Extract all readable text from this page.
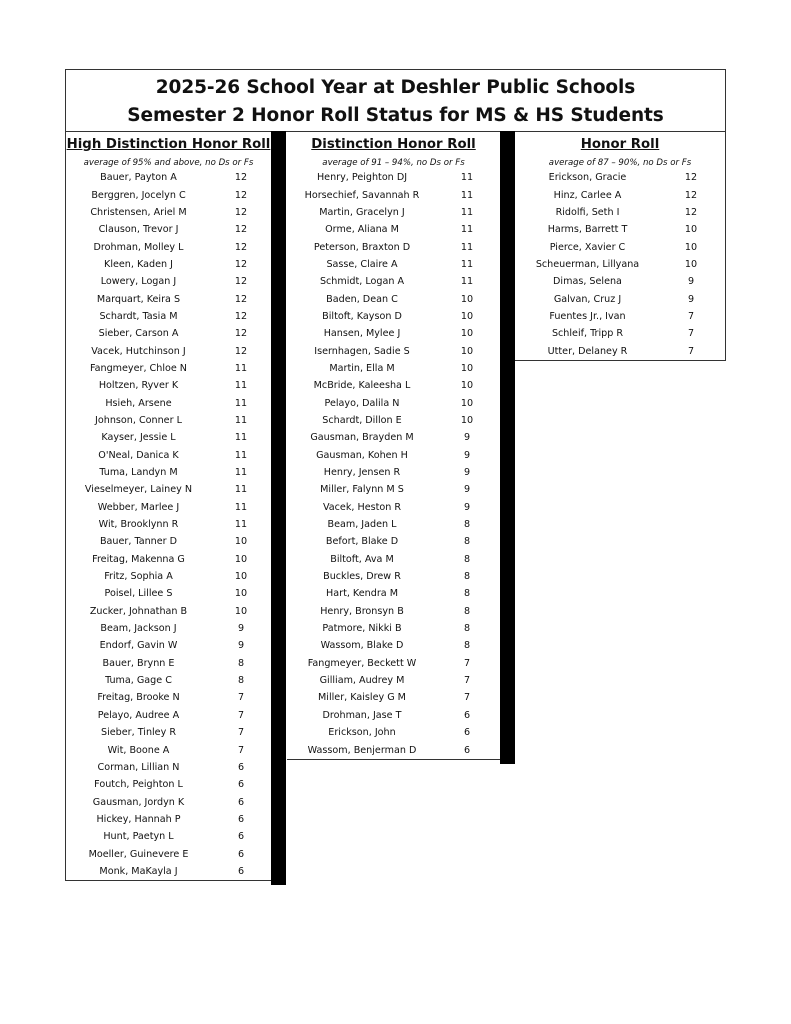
2025-26 School Year at Deshler Public Schools
Semester 2 Honor Roll Status for MS & HS Students
High Distinction Honor Roll
average of 95% and above, no Ds or Fs
Bauer, Payton A	12
Berggren, Jocelyn C	12
Christensen, Ariel M	12
Clauson, Trevor J	12
Drohman, Molley L	12
Kleen, Kaden J	12
Lowery, Logan J	12
Marquart, Keira S	12
Schardt, Tasia M	12
Sieber, Carson A	12
Vacek, Hutchinson J	12
Fangmeyer, Chloe N	11
Holtzen, Ryver K	11
Hsieh, Arsene	11
Johnson, Conner L	11
Kayser, Jessie L	11
O'Neal, Danica K	11
Tuma, Landyn M	11
Vieselmeyer, Lainey N	11
Webber, Marlee J	11
Wit, Brooklynn R	11
Bauer, Tanner D	10
Freitag, Makenna G	10
Fritz, Sophia A	10
Poisel, Lillee S	10
Zucker, Johnathan B	10
Beam, Jackson J	9
Endorf, Gavin W	9
Bauer, Brynn E	8
Tuma, Gage C	8
Freitag, Brooke N	7
Pelayo, Audree A	7
Sieber, Tinley R	7
Wit, Boone A	7
Corman, Lillian N	6
Foutch, Peighton L	6
Gausman, Jordyn K	6
Hickey, Hannah P	6
Hunt, Paetyn L	6
Moeller, Guinevere E	6
Monk, MaKayla J	6
Distinction Honor Roll
average of 91 – 94%, no Ds or Fs
Henry, Peighton DJ	11
Horsechief, Savannah R	11
Martin, Gracelyn J	11
Orme, Aliana M	11
Peterson, Braxton D	11
Sasse, Claire A	11
Schmidt, Logan A	11
Baden, Dean C	10
Biltoft, Kayson D	10
Hansen, Mylee J	10
Isernhagen, Sadie S	10
Martin, Ella M	10
McBride, Kaleesha L	10
Pelayo, Dalila N	10
Schardt, Dillon E	10
Gausman, Brayden M	9
Gausman, Kohen H	9
Henry, Jensen R	9
Miller, Falynn M S	9
Vacek, Heston R	9
Beam, Jaden L	8
Befort, Blake D	8
Biltoft, Ava M	8
Buckles, Drew R	8
Hart, Kendra M	8
Henry, Bronsyn B	8
Patmore, Nikki B	8
Wassom, Blake D	8
Fangmeyer, Beckett W	7
Gilliam, Audrey M	7
Miller, Kaisley G M	7
Drohman, Jase T	6
Erickson, John	6
Wassom, Benjerman D	6
Honor Roll
average of 87 – 90%, no Ds or Fs
Erickson, Gracie	12
Hinz, Carlee A	12
Ridolfi, Seth I	12
Harms, Barrett T	10
Pierce, Xavier C	10
Scheuerman, Lillyana	10
Dimas, Selena	9
Galvan, Cruz J	9
Fuentes Jr., Ivan	7
Schleif, Tripp R	7
Utter, Delaney R	7
